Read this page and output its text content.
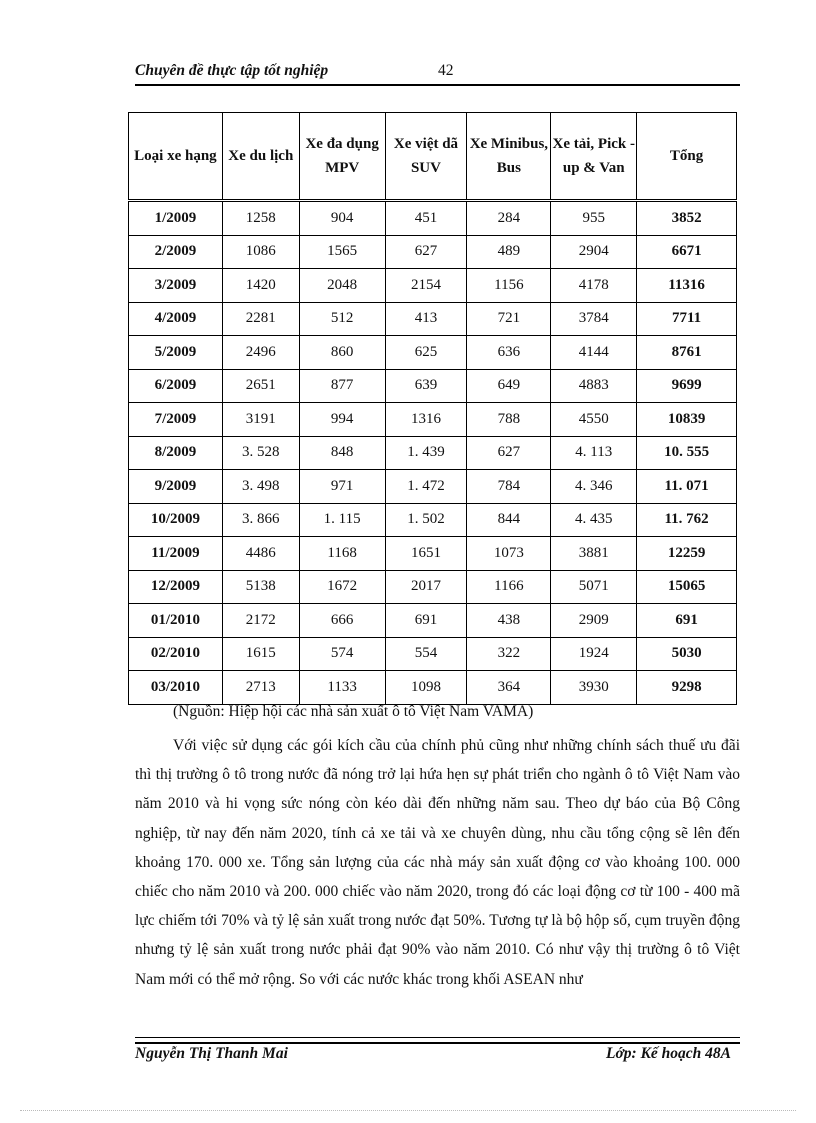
Chuyên đề thực tập tốt nghiệp	42
Loại xe hạng	Xe du lịch	Xe đa dụng MPV	Xe việt dã SUV	Xe Minibus, Bus	Xe tải, Pick - up & Van	Tổng
1/2009	1258	904	451	284	955	3852
2/2009	1086	1565	627	489	2904	6671
3/2009	1420	2048	2154	1156	4178	11316
4/2009	2281	512	413	721	3784	7711
5/2009	2496	860	625	636	4144	8761
6/2009	2651	877	639	649	4883	9699
7/2009	3191	994	1316	788	4550	10839
8/2009	3. 528	848	1. 439	627	4. 113	10. 555
9/2009	3. 498	971	1. 472	784	4. 346	11. 071
10/2009	3. 866	1. 115	1. 502	844	4. 435	11. 762
11/2009	4486	1168	1651	1073	3881	12259
12/2009	5138	1672	2017	1166	5071	15065
01/2010	2172	666	691	438	2909	691
02/2010	1615	574	554	322	1924	5030
03/2010	2713	1133	1098	364	3930	9298
(Nguồn: Hiệp hội các nhà sản xuất ô tô Việt Nam VAMA)

Với việc sử dụng các gói kích cầu của chính phủ cũng như những chính sách thuế ưu đãi thì thị trường ô tô trong nước đã nóng trở lại hứa hẹn sự phát triển cho ngành ô tô Việt Nam vào năm 2010 và hi vọng sức nóng còn kéo dài đến những năm sau. Theo dự báo của Bộ Công nghiệp, từ nay đến năm 2020, tính cả xe tải và xe chuyên dùng, nhu cầu tổng cộng sẽ lên đến khoảng 170. 000 xe. Tổng sản lượng của các nhà máy sản xuất động cơ vào khoảng 100. 000 chiếc cho năm 2010 và 200. 000 chiếc vào năm 2020, trong đó các loại động cơ từ 100 - 400 mã lực chiếm tới 70% và tỷ lệ sản xuất trong nước đạt 50%. Tương tự là bộ hộp số, cụm truyền động nhưng tỷ lệ sản xuất trong nước phải đạt 90% vào năm 2010. Có như vậy thị trường ô tô Việt Nam mới có thể mở rộng. So với các nước khác trong khối ASEAN như

Nguyễn Thị Thanh Mai	Lớp: Kế hoạch 48A
